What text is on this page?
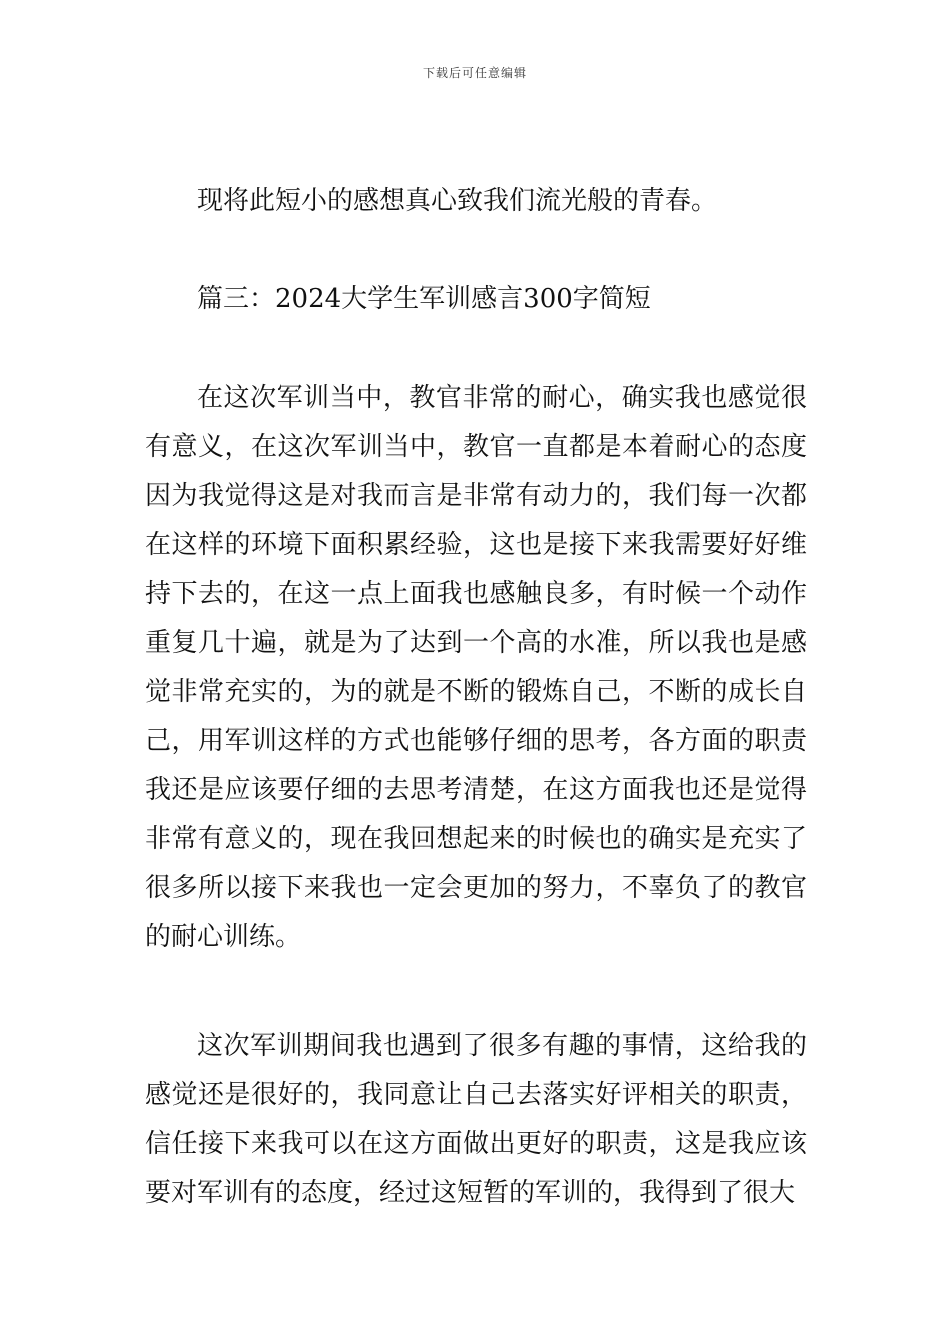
下载后可任意编辑

现将此短小的感想真心致我们流光般的青春。

篇三：2024大学生军训感言300字简短

在这次军训当中，教官非常的耐心，确实我也感觉很有意义，在这次军训当中，教官一直都是本着耐心的态度因为我觉得这是对我而言是非常有动力的，我们每一次都在这样的环境下面积累经验，这也是接下来我需要好好维持下去的，在这一点上面我也感触良多，有时候一个动作重复几十遍，就是为了达到一个高的水准，所以我也是感觉非常充实的，为的就是不断的锻炼自己，不断的成长自己，用军训这样的方式也能够仔细的思考，各方面的职责我还是应该要仔细的去思考清楚，在这方面我也还是觉得非常有意义的，现在我回想起来的时候也的确实是充实了很多所以接下来我也一定会更加的努力，不辜负了的教官的耐心训练。

这次军训期间我也遇到了很多有趣的事情，这给我的感觉还是很好的，我同意让自己去落实好评相关的职责，信任接下来我可以在这方面做出更好的职责，这是我应该要对军训有的态度，经过这短暂的军训的，我得到了很大
